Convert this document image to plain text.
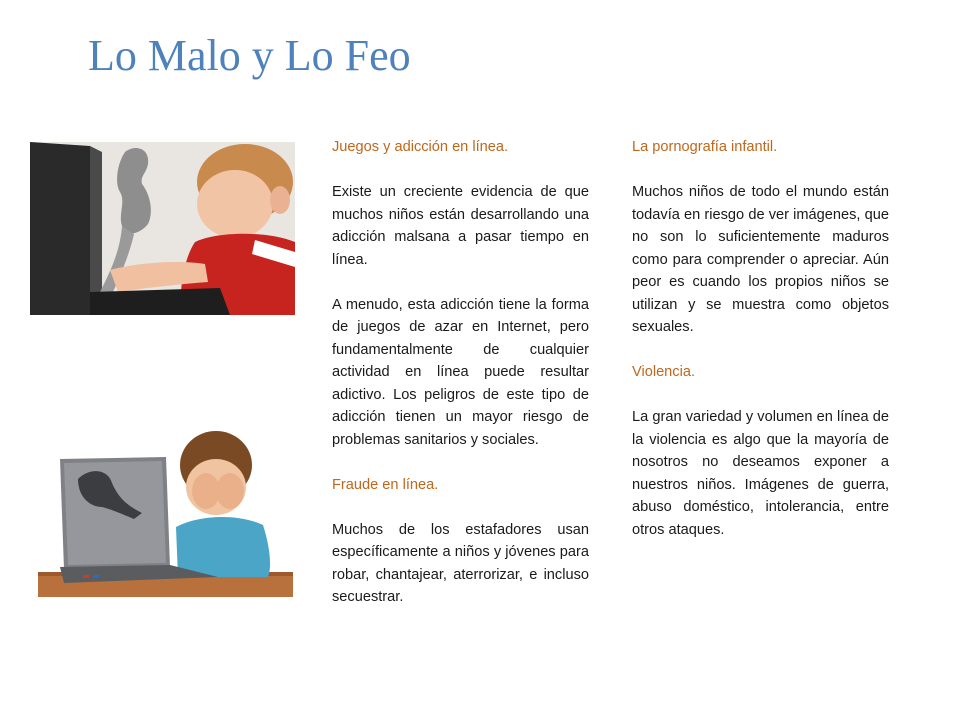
Lo Malo y Lo Feo

Juegos y adicción en línea.

Existe un creciente evidencia de que muchos niños están desarrollando una adicción malsana a pasar tiempo en línea.

A menudo, esta adicción tiene la forma de juegos de azar en Internet, pero fundamentalmente de cualquier actividad en línea puede resultar adictivo. Los peligros de este tipo de adicción tienen un mayor riesgo de problemas sanitarios y sociales.

Fraude en línea.

Muchos de los estafadores usan específicamente a niños y jóvenes para robar, chantajear, aterrorizar, e incluso secuestrar.

La pornografía infantil.

Muchos niños de todo el mundo están todavía en riesgo de ver imágenes, que no son lo suficientemente maduros como para comprender o apreciar. Aún peor es cuando los propios niños se utilizan y se muestra como objetos sexuales.

Violencia.

La gran variedad y volumen en línea de la violencia es algo que la mayoría de nosotros no deseamos exponer a nuestros niños. Imágenes de guerra, abuso doméstico, intolerancia, entre otros ataques.
